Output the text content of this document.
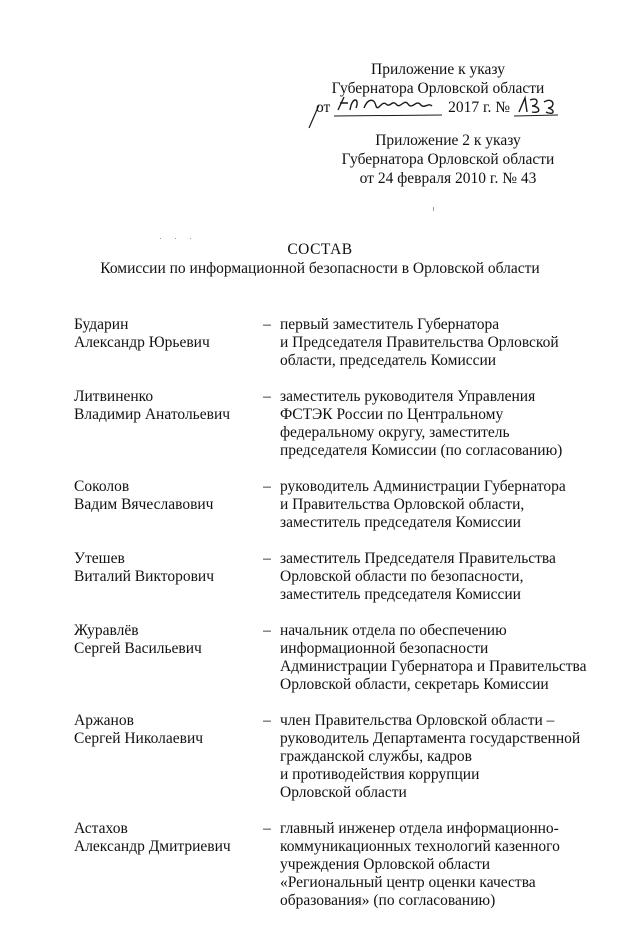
Приложение к указу
Губернатора Орловской области
от	2017 г. №
Приложение 2 к указу
Губернатора Орловской области
от 24 февраля 2010 г. № 43
СОСТАВ
Комиссии по информационной безопасности в Орловской области
Бударин
Александр Юрьевич
– первый заместитель Губернатора
и Председателя Правительства Орловской
области, председатель Комиссии
Литвиненко
Владимир Анатольевич
– заместитель руководителя Управления
ФСТЭК России по Центральному
федеральному округу, заместитель
председателя Комиссии (по согласованию)
Соколов
Вадим Вячеславович
– руководитель Администрации Губернатора
и Правительства Орловской области,
заместитель председателя Комиссии
Утешев
Виталий Викторович
– заместитель Председателя Правительства
Орловской области по безопасности,
заместитель председателя Комиссии
Журавлёв
Сергей Васильевич
– начальник отдела по обеспечению
информационной безопасности
Администрации Губернатора и Правительства
Орловской области, секретарь Комиссии
Аржанов
Сергей Николаевич
– член Правительства Орловской области –
руководитель Департамента государственной
гражданской службы, кадров
и противодействия коррупции
Орловской области
Астахов
Александр Дмитриевич
– главный инженер отдела информационно-
коммуникационных технологий казенного
учреждения Орловской области
«Региональный центр оценки качества
образования» (по согласованию)
